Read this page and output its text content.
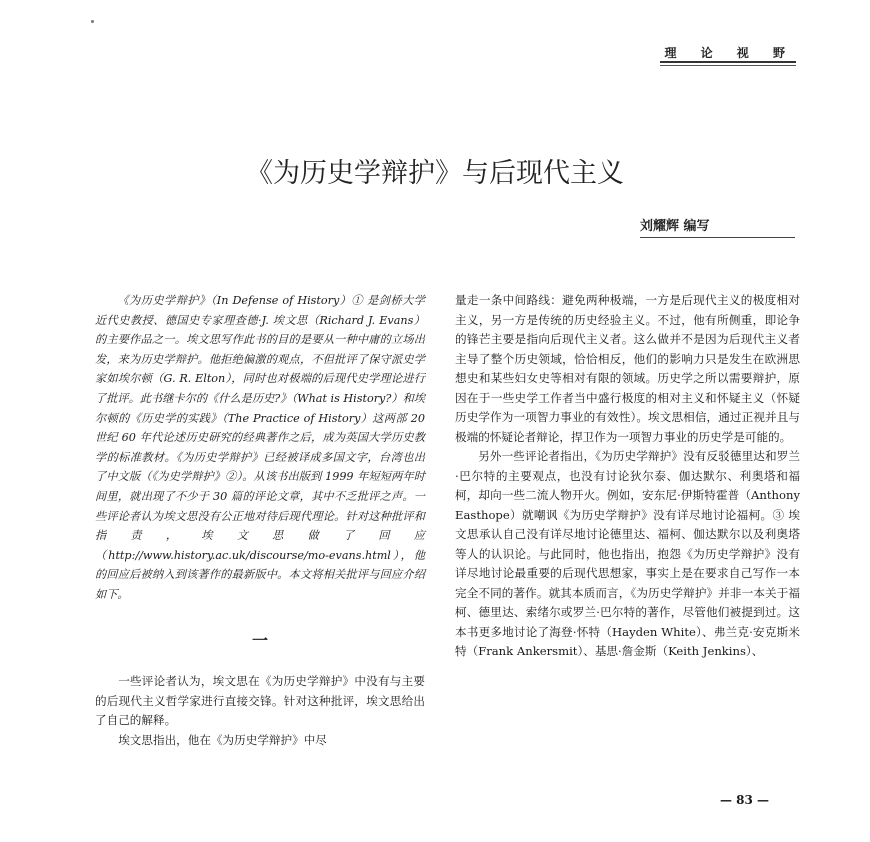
理 论 视 野
《为历史学辩护》与后现代主义
刘耀辉 编写

《为历史学辩护》（In Defense of History）① 是剑桥大学近代史教授、德国史专家理查德·J. 埃文思（Richard J. Evans）的主要作品之一。埃文思写作此书的目的是要从一种中庸的立场出发，来为历史学辩护。他拒绝偏激的观点，不但批评了保守派史学家如埃尔顿（G. R. Elton），同时也对极端的后现代史学理论进行了批评。此书继卡尔的《什么是历史?》（What is History?）和埃尔顿的《历史学的实践》（The Practice of History）这两部 20 世纪 60 年代论述历史研究的经典著作之后，成为英国大学历史教学的标准教材。《为历史学辩护》已经被译成多国文字，台湾也出了中文版（《为史学辩护》②）。从该书出版到 1999 年短短两年时间里，就出现了不少于 30 篇的评论文章，其中不乏批评之声。一些评论者认为埃文思没有公正地对待后现代理论。针对这种批评和指责，埃文思做了回应（http://www.history.ac.uk/discourse/mo-evans.html），他的回应后被纳入到该著作的最新版中。本文将相关批评与回应介绍如下。

一

一些评论者认为，埃文思在《为历史学辩护》中没有与主要的后现代主义哲学家进行直接交锋。针对这种批评，埃文思给出了自己的解释。

埃文思指出，他在《为历史学辩护》中尽

量走一条中间路线：避免两种极端，一方是后现代主义的极度相对主义，另一方是传统的历史经验主义。不过，他有所侧重，即论争的锋芒主要是指向后现代主义者。这么做并不是因为后现代主义者主导了整个历史领域，恰恰相反，他们的影响力只是发生在欧洲思想史和某些妇女史等相对有限的领域。历史学之所以需要辩护，原因在于一些史学工作者当中盛行极度的相对主义和怀疑主义（怀疑历史学作为一项智力事业的有效性）。埃文思相信，通过正视并且与极端的怀疑论者辩论，捍卫作为一项智力事业的历史学是可能的。

另外一些评论者指出，《为历史学辩护》没有反驳德里达和罗兰·巴尔特的主要观点，也没有讨论狄尔泰、伽达默尔、利奥塔和福柯，却向一些二流人物开火。例如，安东尼·伊斯特霍普（Anthony Easthope）就嘲讽《为历史学辩护》没有详尽地讨论福柯。③ 埃文思承认自己没有详尽地讨论德里达、福柯、伽达默尔以及利奥塔等人的认识论。与此同时，他也指出，抱怨《为历史学辩护》没有详尽地讨论最重要的后现代思想家，事实上是在要求自己写作一本完全不同的著作。就其本质而言，《为历史学辩护》并非一本关于福柯、德里达、索绪尔或罗兰·巴尔特的著作，尽管他们被提到过。这本书更多地讨论了海登·怀特（Hayden White）、弗兰克·安克斯米特（Frank Ankersmit）、基思·詹金斯（Keith Jenkins）、

— 83 —
